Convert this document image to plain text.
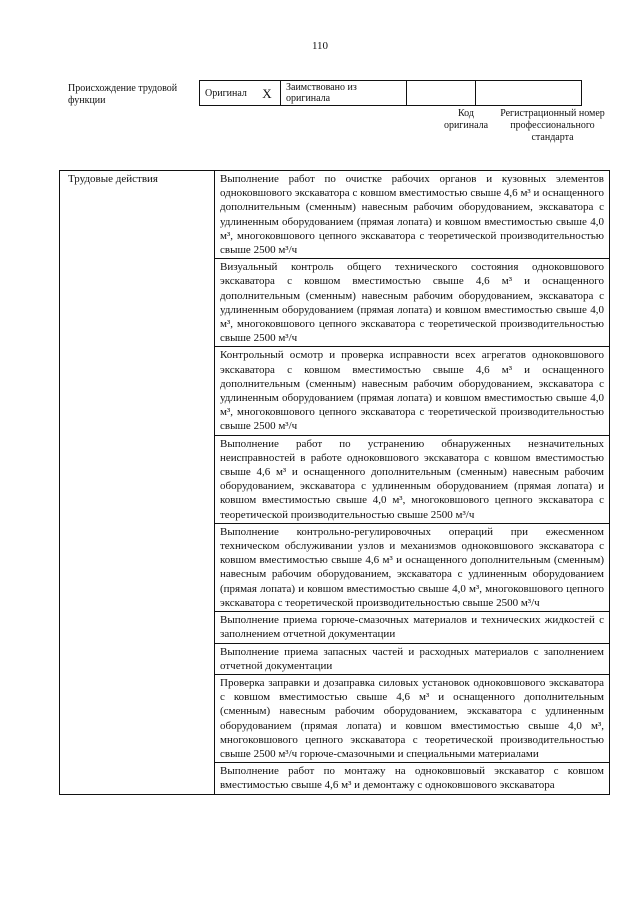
110
Происхождение трудовой функции
Оригинал	X	Заимствовано из оригинала		
Код оригинала
Регистрационный номер профессионального стандарта
Трудовые действия	Выполнение работ по очистке рабочих органов и кузовных элементов одноковшового экскаватора с ковшом вместимостью свыше 4,6 м³ и оснащенного дополнительным (сменным) навесным рабочим оборудованием, экскаватора с удлиненным оборудованием (прямая лопата) и ковшом вместимостью свыше 4,0 м³, многоковшового цепного экскаватора с теоретической производительностью свыше 2500 м³/ч
Визуальный контроль общего технического состояния одноковшового экскаватора с ковшом вместимостью свыше 4,6 м³ и оснащенного дополнительным (сменным) навесным рабочим оборудованием, экскаватора с удлиненным оборудованием (прямая лопата) и ковшом вместимостью свыше 4,0 м³, многоковшового цепного экскаватора с теоретической производительностью свыше 2500 м³/ч
Контрольный осмотр и проверка исправности всех агрегатов одноковшового экскаватора с ковшом вместимостью свыше 4,6 м³ и оснащенного дополнительным (сменным) навесным рабочим оборудованием, экскаватора с удлиненным оборудованием (прямая лопата) и ковшом вместимостью свыше 4,0 м³, многоковшового цепного экскаватора с теоретической производительностью свыше 2500 м³/ч
Выполнение работ по устранению обнаруженных незначительных неисправностей в работе одноковшового экскаватора с ковшом вместимостью свыше 4,6 м³ и оснащенного дополнительным (сменным) навесным рабочим оборудованием, экскаватора с удлиненным оборудованием (прямая лопата) и ковшом вместимостью свыше 4,0 м³, многоковшового цепного экскаватора с теоретической производительностью свыше 2500 м³/ч
Выполнение контрольно-регулировочных операций при ежесменном техническом обслуживании узлов и механизмов одноковшового экскаватора с ковшом вместимостью свыше 4,6 м³ и оснащенного дополнительным (сменным) навесным рабочим оборудованием, экскаватора с удлиненным оборудованием (прямая лопата) и ковшом вместимостью свыше 4,0 м³, многоковшового цепного экскаватора с теоретической производительностью свыше 2500 м³/ч
Выполнение приема горюче-смазочных материалов и технических жидкостей с заполнением отчетной документации
Выполнение приема запасных частей и расходных материалов с заполнением отчетной документации
Проверка заправки и дозаправка силовых установок одноковшового экскаватора с ковшом вместимостью свыше 4,6 м³ и оснащенного дополнительным (сменным) навесным рабочим оборудованием, экскаватора с удлиненным оборудованием (прямая лопата) и ковшом вместимостью свыше 4,0 м³, многоковшового цепного экскаватора с теоретической производительностью свыше 2500 м³/ч горюче-смазочными и специальными материалами
Выполнение работ по монтажу на одноковшовый экскаватор с ковшом вместимостью свыше 4,6 м³ и демонтажу с одноковшового экскаватора
